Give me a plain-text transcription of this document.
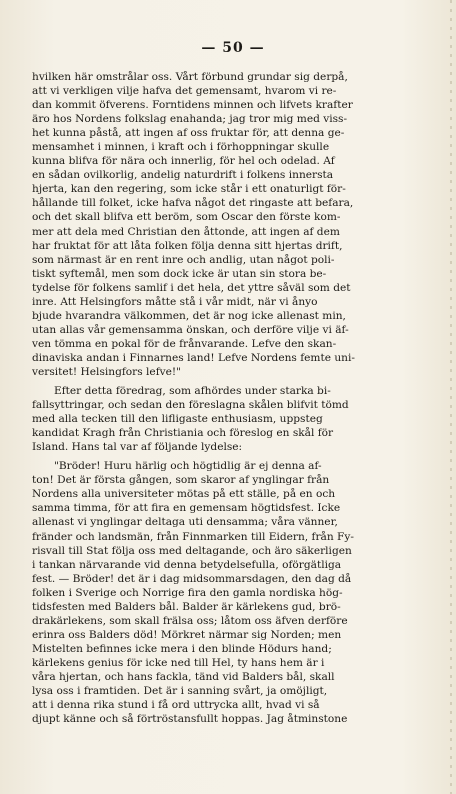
— 50 —
hvilken här omstrålar oss. Vårt förbund grundar sig derpå,
att vi verkligen vilje hafva det gemensamt, hvarom vi re-
dan kommit öfverens. Forntidens minnen och lifvets krafter
äro hos Nordens folkslag enahanda; jag tror mig med viss-
het kunna påstå, att ingen af oss fruktar för, att denna ge-
mensamhet i minnen, i kraft och i förhoppningar skulle
kunna blifva för nära och innerlig, för hel och odelad. Af
en sådan ovilkorlig, andelig naturdrift i folkens innersta
hjerta, kan den regering, som icke står i ett onaturligt för-
hållande till folket, icke hafva något det ringaste att befara,
och det skall blifva ett beröm, som Oscar den förste kom-
mer att dela med Christian den åttonde, att ingen af dem
har fruktat för att låta folken följa denna sitt hjertas drift,
som närmast är en rent inre och andlig, utan något poli-
tiskt syftemål, men som dock icke är utan sin stora be-
tydelse för folkens samlif i det hela, det yttre såväl som det
inre. Att Helsingfors måtte stå i vår midt, när vi ånyo
bjude hvarandra välkommen, det är nog icke allenast min,
utan allas vår gemensamma önskan, och derföre vilje vi äf-
ven tömma en pokal för de frånvarande. Lefve den skan-
dinaviska andan i Finnarnes land! Lefve Nordens femte uni-
versitet! Helsingfors lefve!"
Efter detta föredrag, som afhördes under starka bi-
fallsyttringar, och sedan den föreslagna skålen blifvit tömd
med alla tecken till den lifligaste enthusiasm, uppsteg
kandidat Kragh från Christiania och föreslog en skål för
Island. Hans tal var af följande lydelse:
"Bröder! Huru härlig och högtidlig är ej denna af-
ton! Det är första gången, som skaror af ynglingar från
Nordens alla universiteter mötas på ett ställe, på en och
samma timma, för att fira en gemensam högtidsfest. Icke
allenast vi ynglingar deltaga uti densamma; våra vänner,
fränder och landsmän, från Finnmarken till Eidern, från Fy-
risvall till Stat följa oss med deltagande, och äro säkerligen
i tankan närvarande vid denna betydelsefulla, oförgätliga
fest. — Bröder! det är i dag midsommarsdagen, den dag då
folken i Sverige och Norrige fira den gamla nordiska hög-
tidsfesten med Balders bål. Balder är kärlekens gud, brö-
drakärlekens, som skall frälsa oss; låtom oss äfven derföre
erinra oss Balders död! Mörkret närmar sig Norden; men
Mistelten befinnes icke mera i den blinde Hödurs hand;
kärlekens genius för icke ned till Hel, ty hans hem är i
våra hjertan, och hans fackla, tänd vid Balders bål, skall
lysa oss i framtiden. Det är i sanning svårt, ja omöjligt,
att i denna rika stund i få ord uttrycka allt, hvad vi så
djupt känne och så förtröstansfullt hoppas. Jag åtminstone
